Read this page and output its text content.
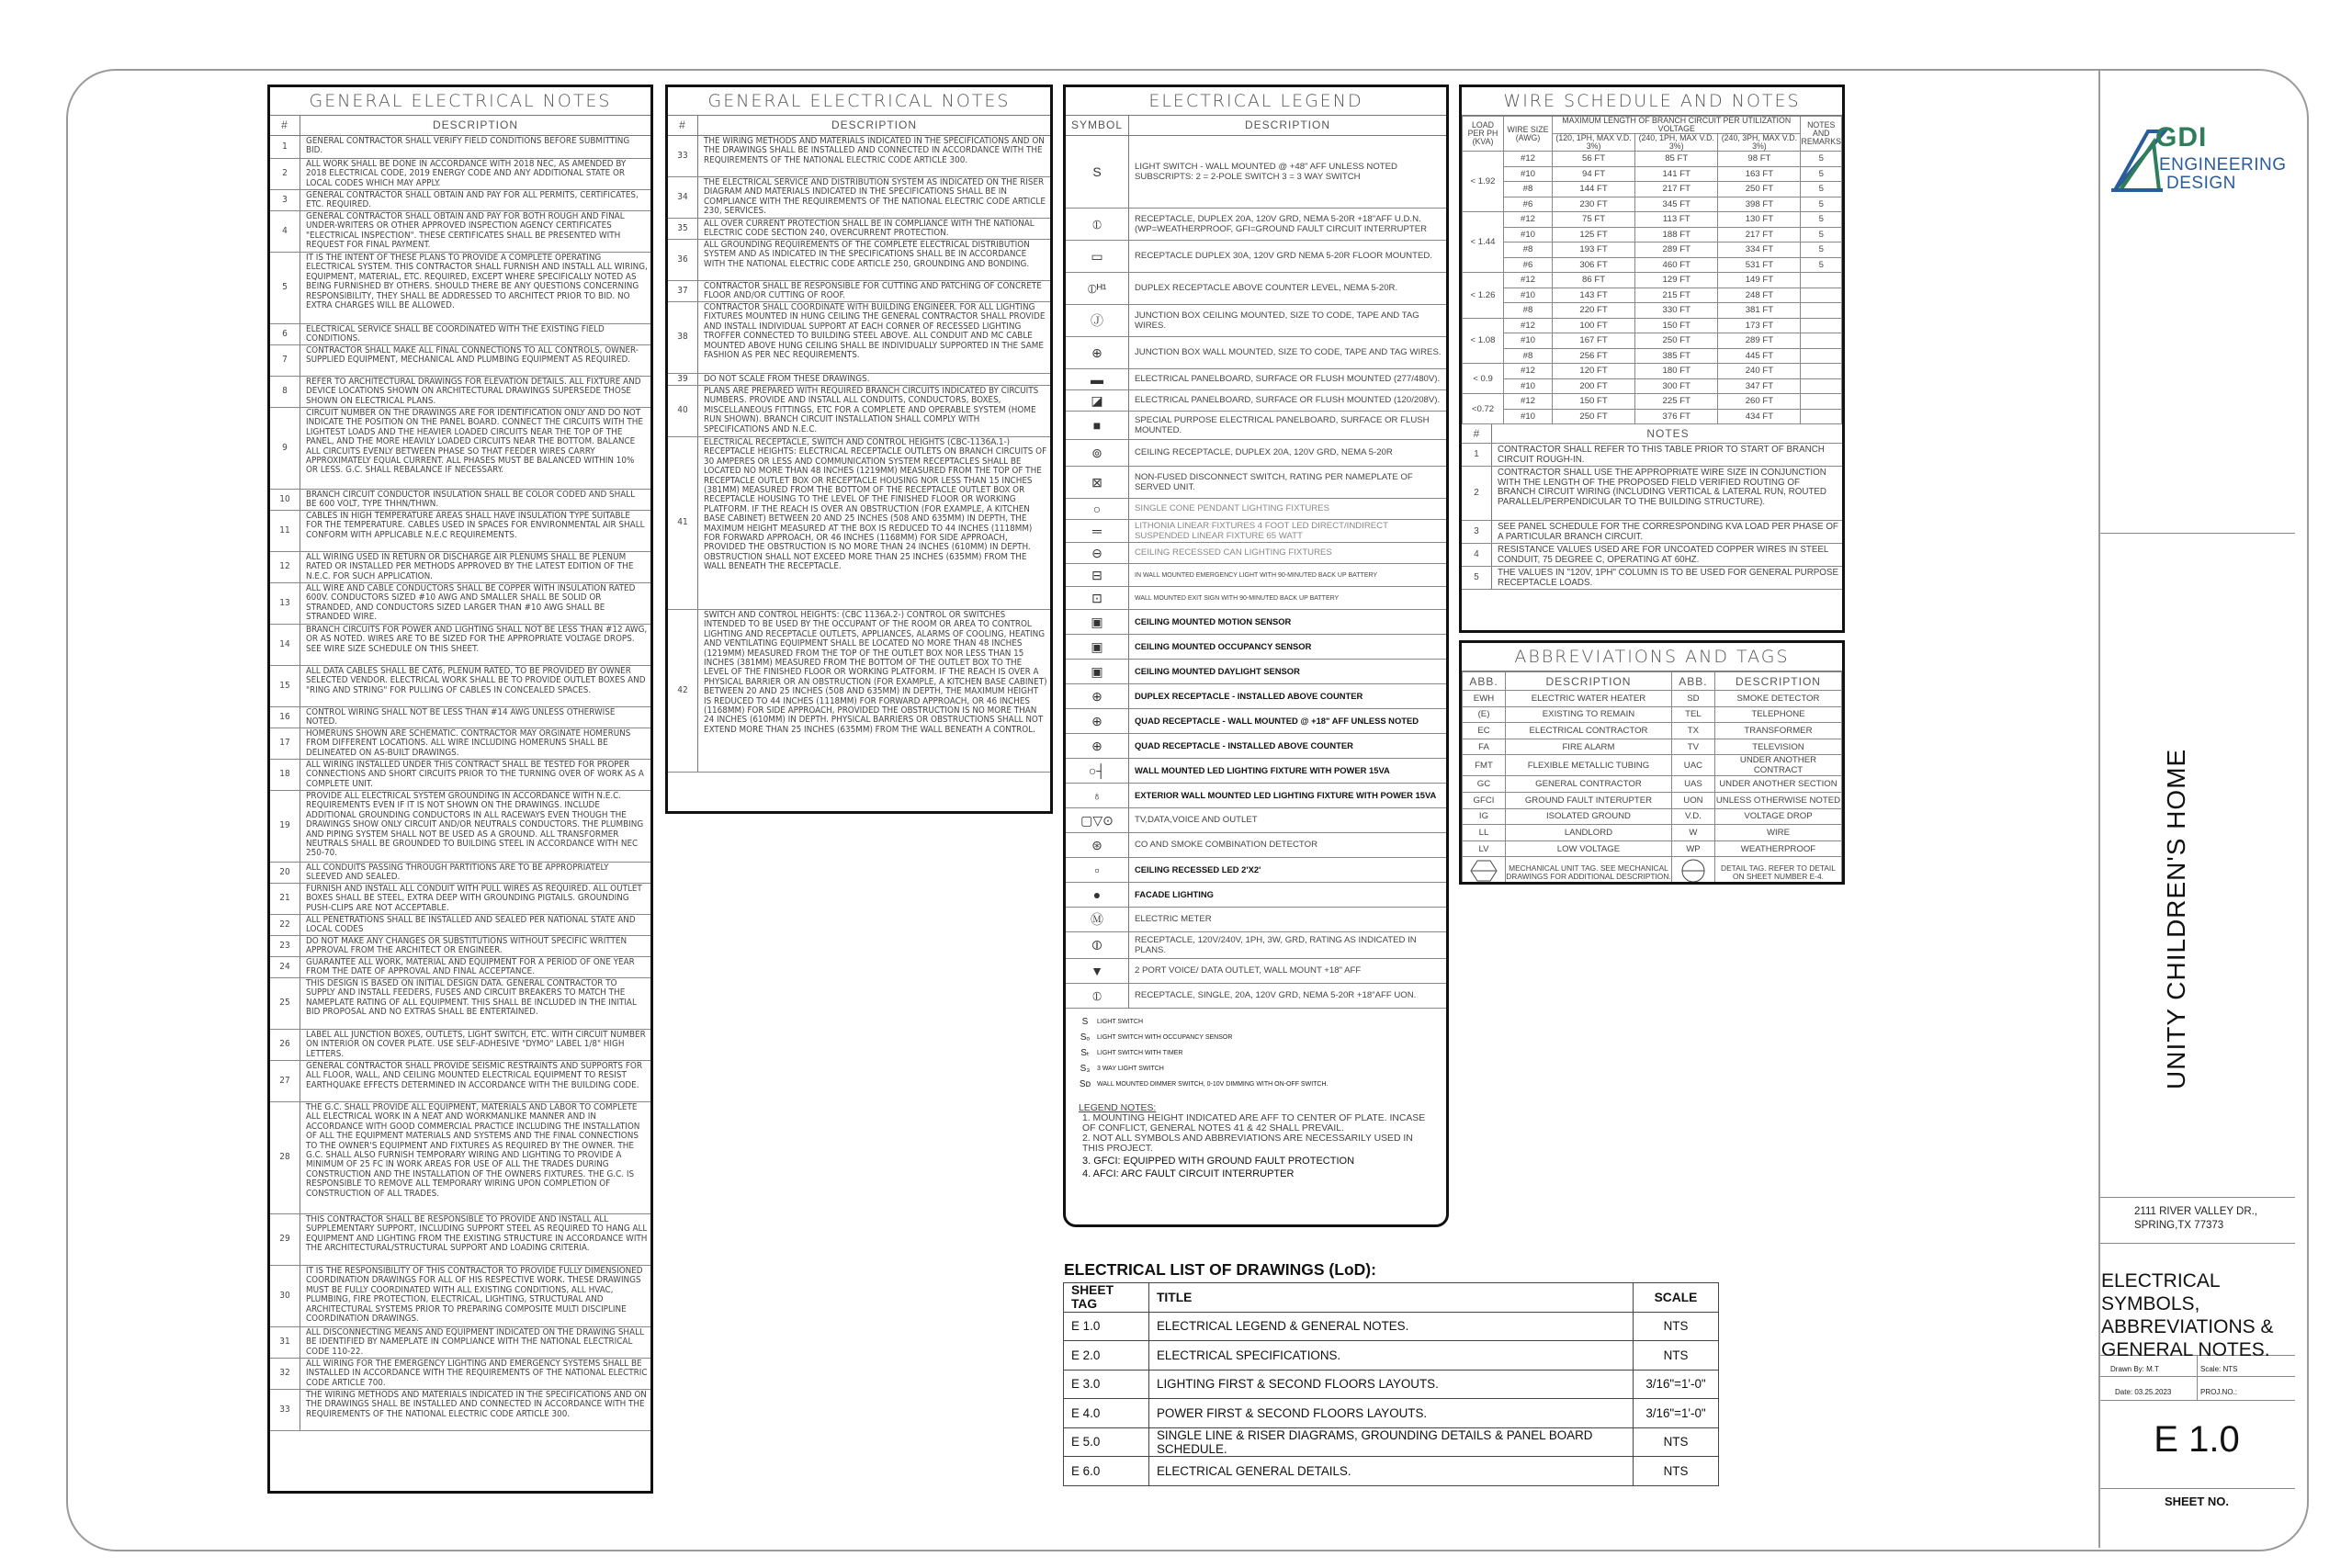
GENERAL ELECTRICAL NOTES
#	DESCRIPTION
1
GENERAL CONTRACTOR SHALL VERIFY FIELD CONDITIONS BEFORE SUBMITTING BID.
2
ALL WORK SHALL BE DONE IN ACCORDANCE WITH 2018 NEC, AS AMENDED BY 2018 ELECTRICAL CODE, 2019 ENERGY CODE AND ANY ADDITIONAL STATE OR LOCAL CODES WHICH MAY APPLY.
3	GENERAL CONTRACTOR SHALL OBTAIN AND PAY FOR ALL PERMITS, CERTIFICATES, ETC. REQUIRED.
4
GENERAL CONTRACTOR SHALL OBTAIN AND PAY FOR BOTH ROUGH AND FINAL UNDER-WRITERS OR OTHER APPROVED INSPECTION AGENCY CERTIFICATES "ELECTRICAL INSPECTION". THESE CERTIFICATES SHALL BE PRESENTED WITH REQUEST FOR FINAL PAYMENT.
5
IT IS THE INTENT OF THESE PLANS TO PROVIDE A COMPLETE OPERATING ELECTRICAL SYSTEM. THIS CONTRACTOR SHALL FURNISH AND INSTALL ALL WIRING, EQUIPMENT, MATERIAL, ETC. REQUIRED, EXCEPT WHERE SPECIFICALLY NOTED AS BEING FURNISHED BY OTHERS. SHOULD THERE BE ANY QUESTIONS CONCERNING RESPONSIBILITY, THEY SHALL BE ADDRESSED TO ARCHITECT PRIOR TO BID. NO EXTRA CHARGES WILL BE ALLOWED.
6	ELECTRICAL SERVICE SHALL BE COORDINATED WITH THE EXISTING FIELD CONDITIONS.
7
CONTRACTOR SHALL MAKE ALL FINAL CONNECTIONS TO ALL CONTROLS, OWNER-SUPPLIED EQUIPMENT, MECHANICAL AND PLUMBING EQUIPMENT AS REQUIRED.
8
REFER TO ARCHITECTURAL DRAWINGS FOR ELEVATION DETAILS. ALL FIXTURE AND DEVICE LOCATIONS SHOWN ON ARCHITECTURAL DRAWINGS SUPERSEDE THOSE SHOWN ON ELECTRICAL PLANS.
9
CIRCUIT NUMBER ON THE DRAWINGS ARE FOR IDENTIFICATION ONLY AND DO NOT INDICATE THE POSITION ON THE PANEL BOARD. CONNECT THE CIRCUITS WITH THE LIGHTEST LOADS AND THE HEAVIER LOADED CIRCUITS NEAR THE TOP OF THE PANEL, AND THE MORE HEAVILY LOADED CIRCUITS NEAR THE BOTTOM. BALANCE ALL CIRCUITS EVENLY BETWEEN PHASE SO THAT FEEDER WIRES CARRY APPROXIMATELY EQUAL CURRENT. ALL PHASES MUST BE BALANCED WITHIN 10% OR LESS. G.C. SHALL REBALANCE IF NECESSARY.
10	BRANCH CIRCUIT CONDUCTOR INSULATION SHALL BE COLOR CODED AND SHALL BE 600 VOLT, TYPE THHN/THWN.
11
CABLES IN HIGH TEMPERATURE AREAS SHALL HAVE INSULATION TYPE SUITABLE FOR THE TEMPERATURE. CABLES USED IN SPACES FOR ENVIRONMENTAL AIR SHALL CONFORM WITH APPLICABLE N.E.C REQUIREMENTS.
12
ALL WIRING USED IN RETURN OR DISCHARGE AIR PLENUMS SHALL BE PLENUM RATED OR INSTALLED PER METHODS APPROVED BY THE LATEST EDITION OF THE N.E.C. FOR SUCH APPLICATION.
13
ALL WIRE AND CABLE CONDUCTORS SHALL BE COPPER WITH INSULATION RATED 600V. CONDUCTORS SIZED #10 AWG AND SMALLER SHALL BE SOLID OR STRANDED, AND CONDUCTORS SIZED LARGER THAN #10 AWG SHALL BE STRANDED WIRE.
14
BRANCH CIRCUITS FOR POWER AND LIGHTING SHALL NOT BE LESS THAN #12 AWG, OR AS NOTED. WIRES ARE TO BE SIZED FOR THE APPROPRIATE VOLTAGE DROPS. SEE WIRE SIZE SCHEDULE ON THIS SHEET.
15
ALL DATA CABLES SHALL BE CAT6, PLENUM RATED, TO BE PROVIDED BY OWNER SELECTED VENDOR. ELECTRICAL WORK SHALL BE TO PROVIDE OUTLET BOXES AND "RING AND STRING" FOR PULLING OF CABLES IN CONCEALED SPACES.
16	CONTROL WIRING SHALL NOT BE LESS THAN #14 AWG UNLESS OTHERWISE NOTED.
17
HOMERUNS SHOWN ARE SCHEMATIC. CONTRACTOR MAY ORGINATE HOMERUNS FROM DIFFERENT LOCATIONS. ALL WIRE INCLUDING HOMERUNS SHALL BE DELINEATED ON AS-BUILT DRAWINGS.
18
ALL WIRING INSTALLED UNDER THIS CONTRACT SHALL BE TESTED FOR PROPER CONNECTIONS AND SHORT CIRCUITS PRIOR TO THE TURNING OVER OF WORK AS A COMPLETE UNIT.
19
PROVIDE ALL ELECTRICAL SYSTEM GROUNDING IN ACCORDANCE WITH N.E.C. REQUIREMENTS EVEN IF IT IS NOT SHOWN ON THE DRAWINGS. INCLUDE ADDITIONAL GROUNDING CONDUCTORS IN ALL RACEWAYS EVEN THOUGH THE DRAWINGS SHOW ONLY CIRCUIT AND/OR NEUTRALS CONDUCTORS. THE PLUMBING AND PIPING SYSTEM SHALL NOT BE USED AS A GROUND. ALL TRANSFORMER NEUTRALS SHALL BE GROUNDED TO BUILDING STEEL IN ACCORDANCE WITH NEC 250-70.
20	ALL CONDUITS PASSING THROUGH PARTITIONS ARE TO BE APPROPRIATELY SLEEVED AND SEALED.
21
FURNISH AND INSTALL ALL CONDUIT WITH PULL WIRES AS REQUIRED. ALL OUTLET BOXES SHALL BE STEEL, EXTRA DEEP WITH GROUNDING PIGTAILS. GROUNDING PUSH-CLIPS ARE NOT ACCEPTABLE.
22	ALL PENETRATIONS SHALL BE INSTALLED AND SEALED PER NATIONAL STATE AND LOCAL CODES
23	DO NOT MAKE ANY CHANGES OR SUBSTITUTIONS WITHOUT SPECIFIC WRITTEN APPROVAL FROM THE ARCHITECT OR ENGINEER.
24	GUARANTEE ALL WORK, MATERIAL AND EQUIPMENT FOR A PERIOD OF ONE YEAR FROM THE DATE OF APPROVAL AND FINAL ACCEPTANCE.
25
THIS DESIGN IS BASED ON INITIAL DESIGN DATA. GENERAL CONTRACTOR TO SUPPLY AND INSTALL FEEDERS, FUSES AND CIRCUIT BREAKERS TO MATCH THE NAMEPLATE RATING OF ALL EQUIPMENT. THIS SHALL BE INCLUDED IN THE INITIAL BID PROPOSAL AND NO EXTRAS SHALL BE ENTERTAINED.
26
LABEL ALL JUNCTION BOXES, OUTLETS, LIGHT SWITCH, ETC. WITH CIRCUIT NUMBER ON INTERIOR ON COVER PLATE. USE SELF-ADHESIVE "DYMO" LABEL 1/8" HIGH LETTERS.
27
GENERAL CONTRACTOR SHALL PROVIDE SEISMIC RESTRAINTS AND SUPPORTS FOR ALL FLOOR, WALL, AND CEILING MOUNTED ELECTRICAL EQUIPMENT TO RESIST EARTHQUAKE EFFECTS DETERMINED IN ACCORDANCE WITH THE BUILDING CODE.
28
THE G.C. SHALL PROVIDE ALL EQUIPMENT, MATERIALS AND LABOR TO COMPLETE ALL ELECTRICAL WORK IN A NEAT AND WORKMANLIKE MANNER AND IN ACCORDANCE WITH GOOD COMMERCIAL PRACTICE INCLUDING THE INSTALLATION OF ALL THE EQUIPMENT MATERIALS AND SYSTEMS AND THE FINAL CONNECTIONS TO THE OWNER'S EQUIPMENT AND FIXTURES AS REQUIRED BY THE OWNER. THE G.C. SHALL ALSO FURNISH TEMPORARY WIRING AND LIGHTING TO PROVIDE A MINIMUM OF 25 FC IN WORK AREAS FOR USE OF ALL THE TRADES DURING CONSTRUCTION AND THE INSTALLATION OF THE OWNERS FIXTURES. THE G.C. IS RESPONSIBLE TO REMOVE ALL TEMPORARY WIRING UPON COMPLETION OF CONSTRUCTION OF ALL TRADES.
29
THIS CONTRACTOR SHALL BE RESPONSIBLE TO PROVIDE AND INSTALL ALL SUPPLEMENTARY SUPPORT, INCLUDING SUPPORT STEEL AS REQUIRED TO HANG ALL EQUIPMENT AND LIGHTING FROM THE EXISTING STRUCTURE IN ACCORDANCE WITH THE ARCHITECTURAL/STRUCTURAL SUPPORT AND LOADING CRITERIA.
30
IT IS THE RESPONSIBILITY OF THIS CONTRACTOR TO PROVIDE FULLY DIMENSIONED COORDINATION DRAWINGS FOR ALL OF HIS RESPECTIVE WORK. THESE DRAWINGS MUST BE FULLY COORDINATED WITH ALL EXISTING CONDITIONS, ALL HVAC, PLUMBING, FIRE PROTECTION, ELECTRICAL, LIGHTING, STRUCTURAL AND ARCHITECTURAL SYSTEMS PRIOR TO PREPARING COMPOSITE MULTI DISCIPLINE COORDINATION DRAWINGS.
31
ALL DISCONNECTING MEANS AND EQUIPMENT INDICATED ON THE DRAWING SHALL BE IDENTIFIED BY NAMEPLATE IN COMPLIANCE WITH THE NATIONAL ELECTRICAL CODE 110-22.
32
ALL WIRING FOR THE EMERGENCY LIGHTING AND EMERGENCY SYSTEMS SHALL BE INSTALLED IN ACCORDANCE WITH THE REQUIREMENTS OF THE NATIONAL ELECTRIC CODE ARTICLE 700.
33
THE WIRING METHODS AND MATERIALS INDICATED IN THE SPECIFICATIONS AND ON THE DRAWINGS SHALL BE INSTALLED AND CONNECTED IN ACCORDANCE WITH THE REQUIREMENTS OF THE NATIONAL ELECTRIC CODE ARTICLE 300.
GENERAL ELECTRICAL NOTES
#	DESCRIPTION
33
THE WIRING METHODS AND MATERIALS INDICATED IN THE SPECIFICATIONS AND ON THE DRAWINGS SHALL BE INSTALLED AND CONNECTED IN ACCORDANCE WITH THE REQUIREMENTS OF THE NATIONAL ELECTRIC CODE ARTICLE 300.
34
THE ELECTRICAL SERVICE AND DISTRIBUTION SYSTEM AS INDICATED ON THE RISER DIAGRAM AND MATERIALS INDICATED IN THE SPECIFICATIONS SHALL BE IN COMPLIANCE WITH THE REQUIREMENTS OF THE NATIONAL ELECTRIC CODE ARTICLE 230, SERVICES.
35	ALL OVER CURRENT PROTECTION SHALL BE IN COMPLIANCE WITH THE NATIONAL ELECTRIC CODE SECTION 240, OVERCURRENT PROTECTION.
36
ALL GROUNDING REQUIREMENTS OF THE COMPLETE ELECTRICAL DISTRIBUTION SYSTEM AND AS INDICATED IN THE SPECIFICATIONS SHALL BE IN ACCORDANCE WITH THE NATIONAL ELECTRIC CODE ARTICLE 250, GROUNDING AND BONDING.
37	CONTRACTOR SHALL BE RESPONSIBLE FOR CUTTING AND PATCHING OF CONCRETE FLOOR AND/OR CUTTING OF ROOF.
38
CONTRACTOR SHALL COORDINATE WITH BUILDING ENGINEER. FOR ALL LIGHTING FIXTURES MOUNTED IN HUNG CEILING THE GENERAL CONTRACTOR SHALL PROVIDE AND INSTALL INDIVIDUAL SUPPORT AT EACH CORNER OF RECESSED LIGHTING TROFFER CONNECTED TO BUILDING STEEL ABOVE. ALL CONDUIT AND MC CABLE MOUNTED ABOVE HUNG CEILING SHALL BE INDIVIDUALLY SUPPORTED IN THE SAME FASHION AS PER NEC REQUIREMENTS.
39	DO NOT SCALE FROM THESE DRAWINGS.
40
PLANS ARE PREPARED WITH REQUIRED BRANCH CIRCUITS INDICATED BY CIRCUITS NUMBERS. PROVIDE AND INSTALL ALL CONDUITS, CONDUCTORS, BOXES, MISCELLANEOUS FITTINGS, ETC FOR A COMPLETE AND OPERABLE SYSTEM (HOME RUN SHOWN). BRANCH CIRCUIT INSTALLATION SHALL COMPLY WITH SPECIFICATIONS AND N.E.C.
41
ELECTRICAL RECEPTACLE, SWITCH AND CONTROL HEIGHTS (CBC-1136A.1-) RECEPTACLE HEIGHTS: ELECTRICAL RECEPTACLE OUTLETS ON BRANCH CIRCUITS OF 30 AMPERES OR LESS AND COMMUNICATION SYSTEM RECEPTACLES SHALL BE LOCATED NO MORE THAN 48 INCHES (1219MM) MEASURED FROM THE TOP OF THE RECEPTACLE OUTLET BOX OR RECEPTACLE HOUSING NOR LESS THAN 15 INCHES (381MM) MEASURED FROM THE BOTTOM OF THE RECEPTACLE OUTLET BOX OR RECEPTACLE HOUSING TO THE LEVEL OF THE FINISHED FLOOR OR WORKING PLATFORM. IF THE REACH IS OVER AN OBSTRUCTION (FOR EXAMPLE, A KITCHEN BASE CABINET) BETWEEN 20 AND 25 INCHES (508 AND 635MM) IN DEPTH, THE MAXIMUM HEIGHT MEASURED AT THE BOX IS REDUCED TO 44 INCHES (1118MM) FOR FORWARD APPROACH, OR 46 INCHES (1168MM) FOR SIDE APPROACH, PROVIDED THE OBSTRUCTION IS NO MORE THAN 24 INCHES (610MM) IN DEPTH. OBSTRUCTION SHALL NOT EXCEED MORE THAN 25 INCHES (635MM) FROM THE WALL BENEATH THE RECEPTACLE.
42
SWITCH AND CONTROL HEIGHTS: (CBC 1136A.2-) CONTROL OR SWITCHES INTENDED TO BE USED BY THE OCCUPANT OF THE ROOM OR AREA TO CONTROL LIGHTING AND RECEPTACLE OUTLETS, APPLIANCES, ALARMS OF COOLING, HEATING AND VENTILATING EQUIPMENT SHALL BE LOCATED NO MORE THAN 48 INCHES (1219MM) MEASURED FROM THE TOP OF THE OUTLET BOX NOR LESS THAN 15 INCHES (381MM) MEASURED FROM THE BOTTOM OF THE OUTLET BOX TO THE LEVEL OF THE FINISHED FLOOR OR WORKING PLATFORM. IF THE REACH IS OVER A PHYSICAL BARRIER OR AN OBSTRUCTION (FOR EXAMPLE, A KITCHEN BASE CABINET) BETWEEN 20 AND 25 INCHES (508 AND 635MM) IN DEPTH, THE MAXIMUM HEIGHT IS REDUCED TO 44 INCHES (1118MM) FOR FORWARD APPROACH, OR 46 INCHES (1168MM) FOR SIDE APPROACH, PROVIDED THE OBSTRUCTION IS NO MORE THAN 24 INCHES (610MM) IN DEPTH. PHYSICAL BARRIERS OR OBSTRUCTIONS SHALL NOT EXTEND MORE THAN 25 INCHES (635MM) FROM THE WALL BENEATH A CONTROL.
ELECTRICAL LEGEND
SYMBOL	DESCRIPTION
S	LIGHT SWITCH - WALL MOUNTED @ +48" AFF UNLESS NOTED SUBSCRIPTS: 2 = 2-POLE SWITCH 3 = 3 WAY SWITCH
⦶	RECEPTACLE, DUPLEX 20A, 120V GRD, NEMA 5-20R +18"AFF U.D.N.(WP=WEATHERPROOF, GFI=GROUND FAULT CIRCUIT INTERRUPTER
▭	RECEPTACLE DUPLEX 30A, 120V GRD NEMA 5-20R FLOOR MOUNTED.
⦶ᴴ¹	DUPLEX RECEPTACLE ABOVE COUNTER LEVEL, NEMA 5-20R.
Ⓙ	JUNCTION BOX CEILING MOUNTED, SIZE TO CODE, TAPE AND TAG WIRES.
⊕	JUNCTION BOX WALL MOUNTED, SIZE TO CODE, TAPE AND TAG WIRES.
▬	ELECTRICAL PANELBOARD, SURFACE OR FLUSH MOUNTED (277/480V).
◪	ELECTRICAL PANELBOARD, SURFACE OR FLUSH MOUNTED (120/208V).
■	SPECIAL PURPOSE ELECTRICAL PANELBOARD, SURFACE OR FLUSH MOUNTED.
⊚	CEILING RECEPTACLE, DUPLEX 20A, 120V GRD, NEMA 5-20R
⊠	NON-FUSED DISCONNECT SWITCH, RATING PER NAMEPLATE OF SERVED UNIT.
○	SINGLE CONE PENDANT LIGHTING FIXTURES
═	LITHONIA LINEAR FIXTURES 4 FOOT LED DIRECT/INDIRECT SUSPENDED LINEAR FIXTURE 65 WATT
⊖	CEILING RECESSED CAN LIGHTING FIXTURES
⊟	IN WALL MOUNTED EMERGENCY LIGHT WITH 90-MINUTED BACK UP BATTERY
⊡	WALL MOUNTED EXIT SIGN WITH 90-MINUTED BACK UP BATTERY
▣	CEILING MOUNTED MOTION SENSOR
▣	CEILING MOUNTED OCCUPANCY SENSOR
▣	CEILING MOUNTED DAYLIGHT SENSOR
⊕	DUPLEX RECEPTACLE - INSTALLED ABOVE COUNTER
⊕	QUAD RECEPTACLE - WALL MOUNTED @ +18" AFF UNLESS NOTED
⊕	QUAD RECEPTACLE - INSTALLED ABOVE COUNTER
○┤	WALL MOUNTED LED LIGHTING FIXTURE WITH POWER 15VA
♁	EXTERIOR WALL MOUNTED LED LIGHTING FIXTURE WITH POWER 15VA
▢▽⊙	TV,DATA,VOICE AND OUTLET
⊛	CO AND SMOKE COMBINATION DETECTOR
▫	CEILING RECESSED LED 2'X2'
●	FACADE LIGHTING
Ⓜ	ELECTRIC METER
⦷	RECEPTACLE, 120V/240V, 1PH, 3W, GRD, RATING AS INDICATED IN PLANS.
▼	2 PORT VOICE/ DATA OUTLET, WALL MOUNT +18" AFF
⦶	RECEPTACLE, SINGLE, 20A, 120V GRD, NEMA 5-20R +18"AFF UON.
S	LIGHT SWITCH
Sₒ	LIGHT SWITCH WITH OCCUPANCY SENSOR
Sₜ	LIGHT SWITCH WITH TIMER
S₃	3 WAY LIGHT SWITCH
Sᴅ WALL MOUNTED DIMMER SWITCH, 0-10V DIMMING WITH ON-OFF SWITCH.
LEGEND NOTES:
1. MOUNTING HEIGHT INDICATED ARE AFF TO CENTER OF PLATE. INCASE OF CONFLICT, GENERAL NOTES 41 & 42 SHALL PREVAIL.
2. NOT ALL SYMBOLS AND ABBREVIATIONS ARE NECESSARILY USED IN THIS PROJECT.
3. GFCI: EQUIPPED WITH GROUND FAULT PROTECTION
4. AFCI: ARC FAULT CIRCUIT INTERRUPTER
WIRE SCHEDULE AND NOTES
LOAD PER PH (KVA)	WIRE SIZE (AWG)	MAXIMUM LENGTH OF BRANCH CIRCUIT PER UTILIZATION VOLTAGE			NOTES AND REMARKS
		(120, 1PH, MAX V.D. 3%)	(240, 1PH, MAX V.D. 3%)	(240, 3PH, MAX V.D. 3%)	
< 1.92	#12	56 FT	85 FT	98 FT	5
	#10	94 FT	141 FT	163 FT	5
	#8	144 FT	217 FT	250 FT	5
	#6	230 FT	345 FT	398 FT	5
< 1.44	#12	75 FT	113 FT	130 FT	5
	#10	125 FT	188 FT	217 FT	5
	#8	193 FT	289 FT	334 FT	5
	#6	306 FT	460 FT	531 FT	5
< 1.26	#12	86 FT	129 FT	149 FT	
	#10	143 FT	215 FT	248 FT	
	#8	220 FT	330 FT	381 FT	
< 1.08	#12	100 FT	150 FT	173 FT	
	#10	167 FT	250 FT	289 FT	
	#8	256 FT	385 FT	445 FT	
< 0.9	#12	120 FT	180 FT	240 FT	
	#10	200 FT	300 FT	347 FT	
<0.72	#12	150 FT	225 FT	260 FT	
	#10	250 FT	376 FT	434 FT	
#	NOTES
1	CONTRACTOR SHALL REFER TO THIS TABLE PRIOR TO START OF BRANCH CIRCUIT ROUGH-IN.
2
CONTRACTOR SHALL USE THE APPROPRIATE WIRE SIZE IN CONJUNCTION WITH THE LENGTH OF THE PROPOSED FIELD VERIFIED ROUTING OF BRANCH CIRCUIT WIRING (INCLUDING VERTICAL & LATERAL RUN, ROUTED PARALLEL/PERPENDICULAR TO THE BUILDING STRUCTURE).
3	SEE PANEL SCHEDULE FOR THE CORRESPONDING KVA LOAD PER PHASE OF A PARTICULAR BRANCH CIRCUIT.
4	RESISTANCE VALUES USED ARE FOR UNCOATED COPPER WIRES IN STEEL CONDUIT, 75 DEGREE C, OPERATING AT 60HZ.
5	THE VALUES IN "120V, 1PH" COLUMN IS TO BE USED FOR GENERAL PURPOSE RECEPTACLE LOADS.
ABBREVIATIONS AND TAGS
ABB.	DESCRIPTION	ABB.	DESCRIPTION
EWH	ELECTRIC WATER HEATER	SD	SMOKE DETECTOR
(E)	EXISTING TO REMAIN	TEL	TELEPHONE
EC	ELECTRICAL CONTRACTOR	TX	TRANSFORMER
FA	FIRE ALARM	TV	TELEVISION
FMT	FLEXIBLE METALLIC TUBING	UAC	UNDER ANOTHER CONTRACT
GC	GENERAL CONTRACTOR	UAS	UNDER ANOTHER SECTION
GFCI	GROUND FAULT INTERUPTER	UON	UNLESS OTHERWISE NOTED
IG	ISOLATED GROUND	V.D.	VOLTAGE DROP
LL	LANDLORD	W	WIRE
LV	LOW VOLTAGE	WP	WEATHERPROOF
	MECHANICAL UNIT TAG. SEE MECHANICAL DRAWINGS FOR ADDITIONAL DESCRIPTION.		DETAIL TAG. REFER TO DETAIL ON SHEET NUMBER E-4.
ELECTRICAL LIST OF DRAWINGS (LoD):
SHEET TAG	TITLE	SCALE
E 1.0	ELECTRICAL LEGEND & GENERAL NOTES.	NTS
E 2.0	ELECTRICAL SPECIFICATIONS.	NTS
E 3.0	LIGHTING FIRST & SECOND FLOORS LAYOUTS.	3/16"=1'-0"
E 4.0	POWER FIRST & SECOND FLOORS LAYOUTS.	3/16"=1'-0"
E 5.0	SINGLE LINE & RISER DIAGRAMS, GROUNDING DETAILS & PANEL BOARD SCHEDULE.	NTS
E 6.0	ELECTRICAL GENERAL DETAILS.	NTS
GDI
ENGINEERING
DESIGN
UNITY CHILDREN'S HOME
2111 RIVER VALLEY DR.,
SPRING,TX 77373
ELECTRICAL
SYMBOLS,
ABBREVIATIONS &
GENERAL NOTES.
Drawn By: M.T	Scale: NTS
Date: 03.25.2023	PROJ.NO.:
E 1.0
SHEET NO.
